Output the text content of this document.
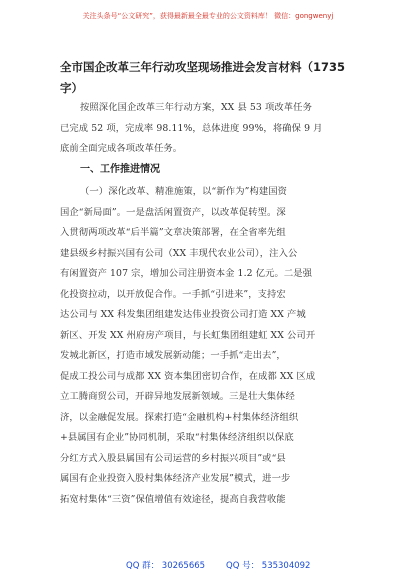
关注头条号“公文研究”，获得最新最全最专业的公文资料库！ 微信：gongwenyj
全市国企改革三年行动攻坚现场推进会发言材料（1735
字）
按照深化国企改革三年行动方案，XX 县 53 项改革任务
已完成 52 项，完成率 98.11%，总体进度 99%，将确保 9 月
底前全面完成各项改革任务。
一、工作推进情况
（一）深化改革、精准施策，以“新作为”构建国资
国企“新局面”。一是盘活闲置资产，以改革促转型。深
入贯彻两项改革“后半篇”文章决策部署，在全省率先组
建县级乡村振兴国有公司（XX 丰现代农业公司），注入公
有闲置资产 107 宗，增加公司注册资本金 1.2 亿元。二是强
化投资拉动，以开放促合作。一手抓“引进来”，支持宏
达公司与 XX 科发集团组建发达伟业投资公司打造 XX 产城
新区、开发 XX 州府房产项目，与长虹集团组建虹 XX 公司开
发城北新区，打造市域发展新动能；一手抓“走出去”，
促成工投公司与成都 XX 资本集团密切合作，在成都 XX 区成
立工腾商贸公司，开辟异地发展新领域。三是壮大集体经
济，以金融促发展。探索打造“金融机构+村集体经济组织
+县属国有企业”协同机制，采取“村集体经济组织以保底
分红方式入股县属国有公司运营的乡村振兴项目”或“县
属国有企业投资入股村集体经济产业发展”模式，进一步
拓宽村集体“三资”保值增值有效途径，提高自我营收能
QQ 群： 30265665 QQ 号： 535304092
